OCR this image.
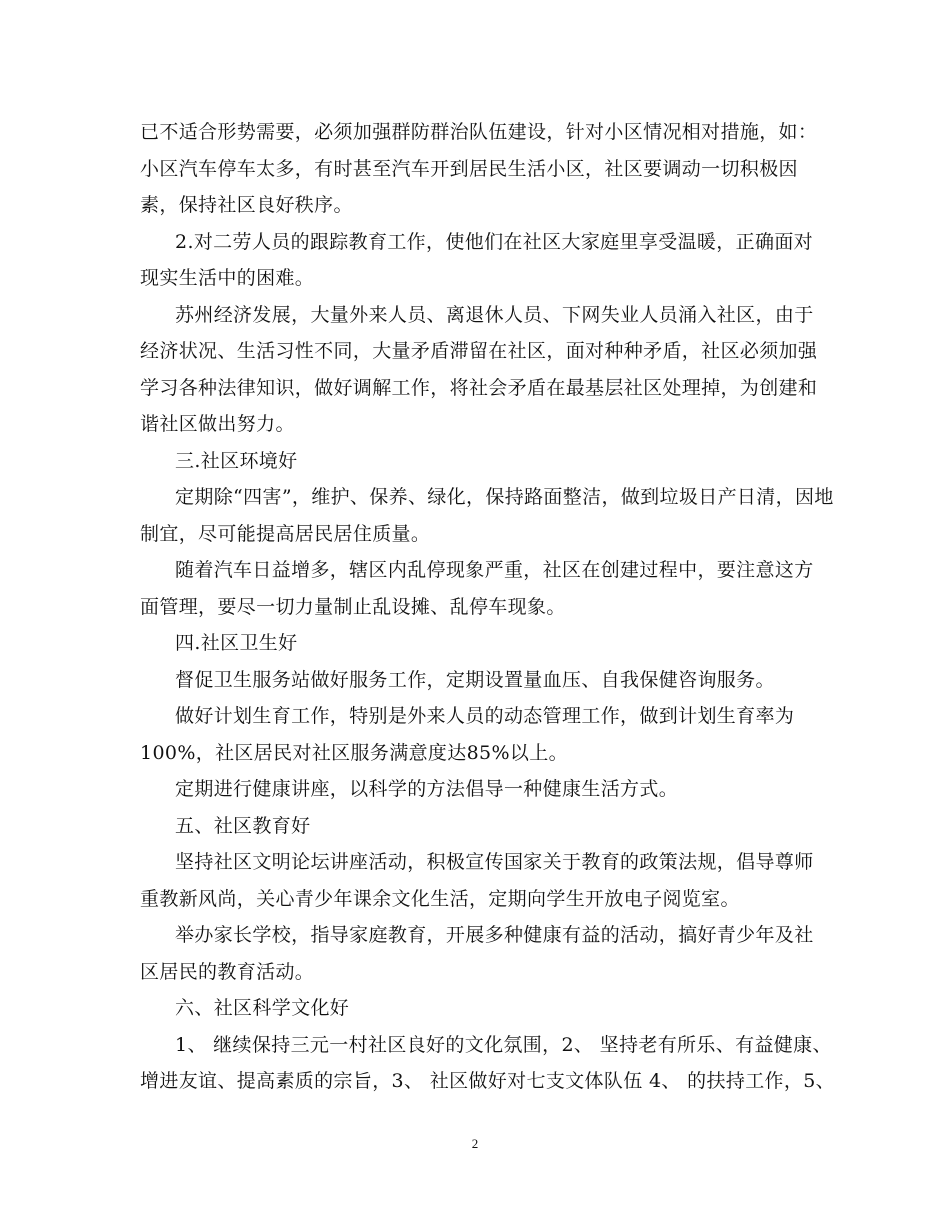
已不适合形势需要，必须加强群防群治队伍建设，针对小区情况相对措施，如：
小区汽车停车太多，有时甚至汽车开到居民生活小区，社区要调动一切积极因
素，保持社区良好秩序。
2.对二劳人员的跟踪教育工作，使他们在社区大家庭里享受温暖，正确面对
现实生活中的困难。
苏州经济发展，大量外来人员、离退休人员、下网失业人员涌入社区，由于
经济状况、生活习性不同，大量矛盾滞留在社区，面对种种矛盾，社区必须加强
学习各种法律知识，做好调解工作，将社会矛盾在最基层社区处理掉，为创建和
谐社区做出努力。
三.社区环境好
定期除“四害”，维护、保养、绿化，保持路面整洁，做到垃圾日产日清，因地
制宜，尽可能提高居民居住质量。
随着汽车日益增多，辖区内乱停现象严重，社区在创建过程中，要注意这方
面管理，要尽一切力量制止乱设摊、乱停车现象。
四.社区卫生好
督促卫生服务站做好服务工作，定期设置量血压、自我保健咨询服务。
做好计划生育工作，特别是外来人员的动态管理工作，做到计划生育率为
100%，社区居民对社区服务满意度达85%以上。
定期进行健康讲座，以科学的方法倡导一种健康生活方式。
五、社区教育好
坚持社区文明论坛讲座活动，积极宣传国家关于教育的政策法规，倡导尊师
重教新风尚，关心青少年课余文化生活，定期向学生开放电子阅览室。
举办家长学校，指导家庭教育，开展多种健康有益的活动，搞好青少年及社
区居民的教育活动。
六、社区科学文化好
1、 继续保持三元一村社区良好的文化氛围，2、 坚持老有所乐、有益健康、
增进友谊、提高素质的宗旨，3、 社区做好对七支文体队伍 4、 的扶持工作，5、
2
